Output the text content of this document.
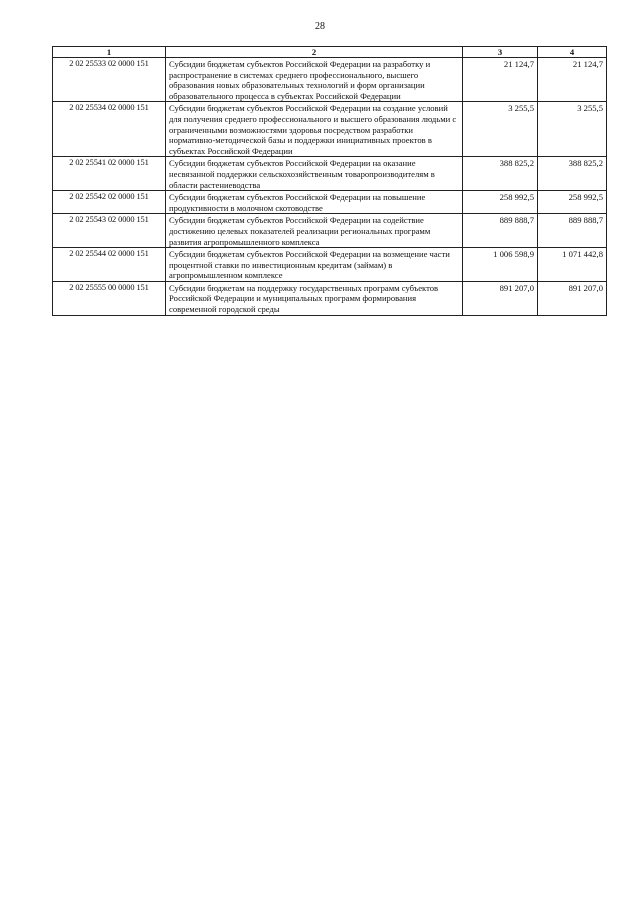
28
1	2	3	4
2 02 25533 02 0000 151	Субсидии бюджетам субъектов Российской Федерации на разработку и распространение в системах среднего профессионального, высшего образования новых образовательных технологий и форм организации образовательного процесса в субъектах Российской Федерации	21 124,7	21 124,7
2 02 25534 02 0000 151	Субсидии бюджетам субъектов Российской Федерации на создание условий для получения среднего профессионального и высшего образования людьми с ограниченными возможностями здоровья посредством разработки нормативно-методической базы и поддержки инициативных проектов в субъектах Российской Федерации	3 255,5	3 255,5
2 02 25541 02 0000 151	Субсидии бюджетам субъектов Российской Федерации на оказание несвязанной поддержки сельскохозяйственным товаропроизводителям в области растениеводства	388 825,2	388 825,2
2 02 25542 02 0000 151	Субсидии бюджетам субъектов Российской Федерации на повышение продуктивности в молочном скотоводстве	258 992,5	258 992,5
2 02 25543 02 0000 151	Субсидии бюджетам субъектов Российской Федерации на содействие достижению целевых показателей реализации региональных программ развития агропромышленного комплекса	889 888,7	889 888,7
2 02 25544 02 0000 151	Субсидии бюджетам субъектов Российской Федерации на возмещение части процентной ставки по инвестиционным кредитам (займам) в агропромышленном комплексе	1 006 598,9	1 071 442,8
2 02 25555 00 0000 151	Субсидии бюджетам на поддержку государственных программ субъектов Российской Федерации и муниципальных программ формирования современной городской среды	891 207,0	891 207,0
